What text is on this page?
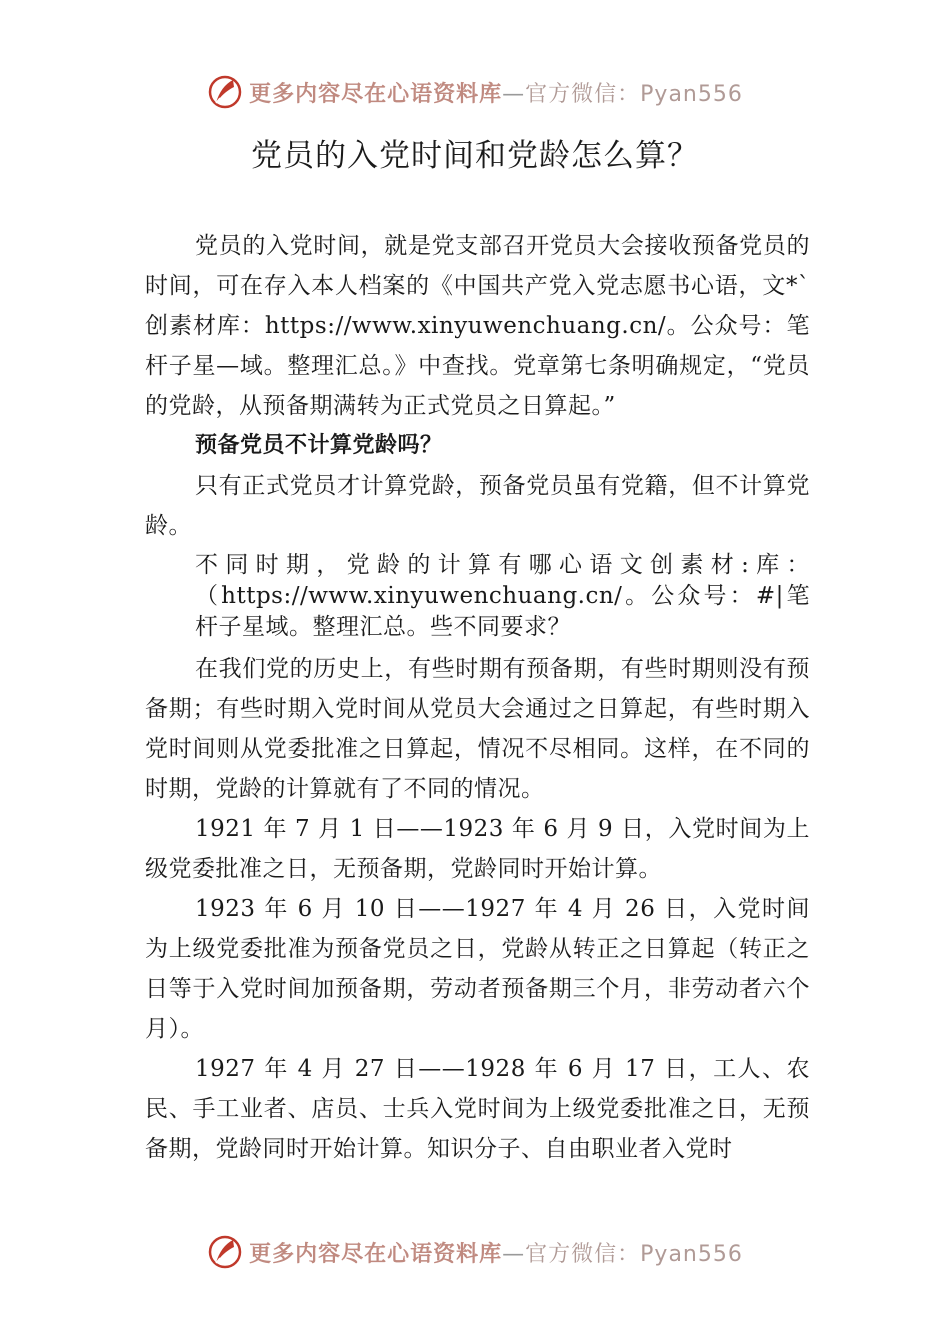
更多内容尽在心语资料库—官方微信：Pyan556
党员的入党时间和党龄怎么算？

党员的入党时间，就是党支部召开党员大会接收预备党员的时间，可在存入本人档案的《中国共产党入党志愿书心语，文*`创素材库：https://www.xinyuwenchuang.cn/。公众号：笔杆子星—域。整理汇总。》中查找。党章第七条明确规定，“党员的党龄，从预备期满转为正式党员之日算起。”

预备党员不计算党龄吗？

只有正式党员才计算党龄，预备党员虽有党籍，但不计算党龄。

不同时期，党龄的计算有哪心语文创素材:库：（https://www.xinyuwenchuang.cn/。公众号：#|笔杆子星域。整理汇总。些不同要求？

在我们党的历史上，有些时期有预备期，有些时期则没有预备期；有些时期入党时间从党员大会通过之日算起，有些时期入党时间则从党委批准之日算起，情况不尽相同。这样，在不同的时期，党龄的计算就有了不同的情况。

1921 年 7 月 1 日——1923 年 6 月 9 日，入党时间为上级党委批准之日，无预备期，党龄同时开始计算。

1923 年 6 月 10 日——1927 年 4 月 26 日，入党时间为上级党委批准为预备党员之日，党龄从转正之日算起（转正之日等于入党时间加预备期，劳动者预备期三个月，非劳动者六个月）。

1927 年 4 月 27 日——1928 年 6 月 17 日，工人、农民、手工业者、店员、士兵入党时间为上级党委批准之日，无预备期，党龄同时开始计算。知识分子、自由职业者入党时

更多内容尽在心语资料库—官方微信：Pyan556
